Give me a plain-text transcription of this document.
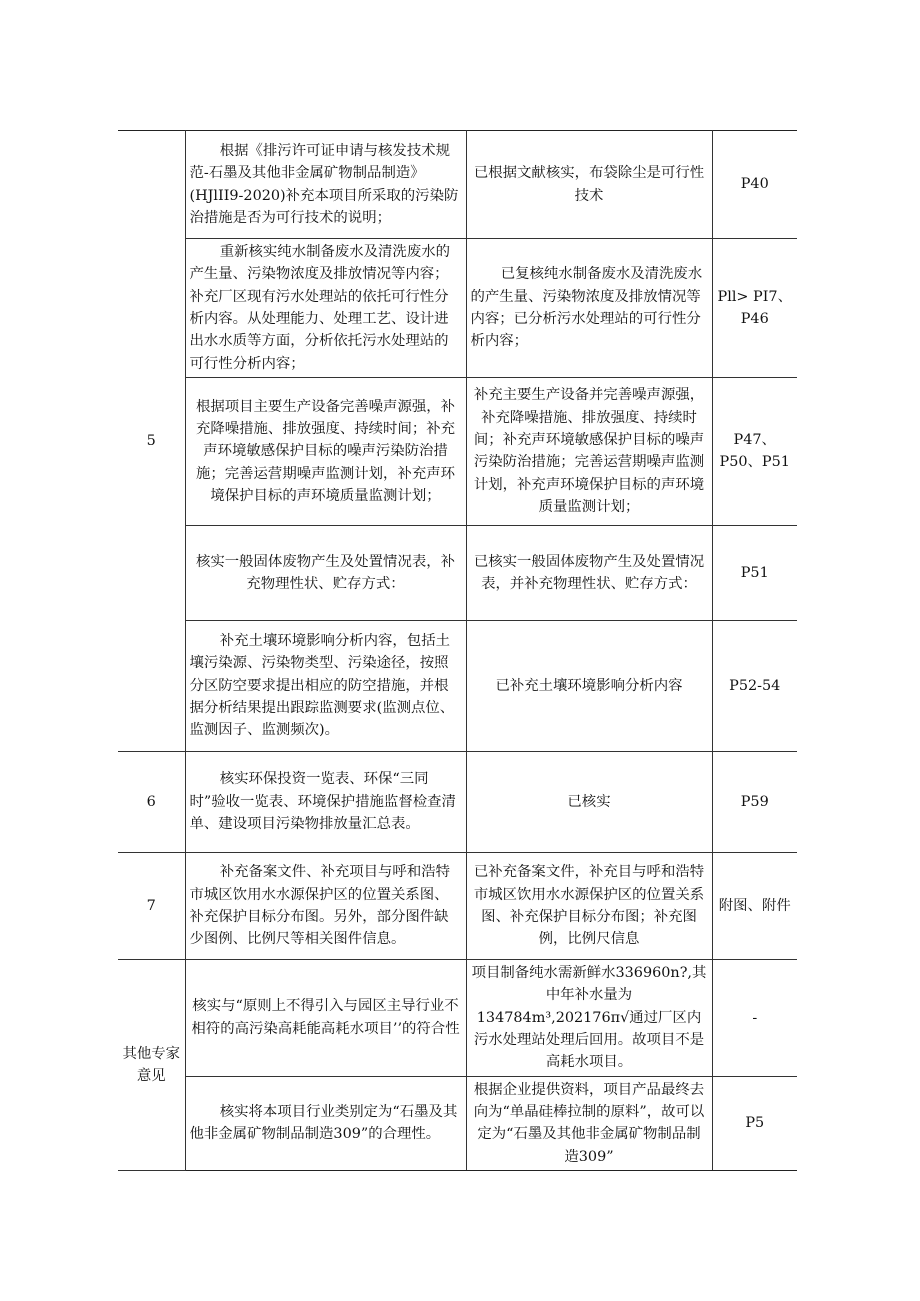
5	根据《排污许可证申请与核发技术规范-石墨及其他非金属矿物制品制造》(HJlII9-2020)补充本项目所采取的污染防治措施是否为可行技术的说明；	已根据文献核实，布袋除尘是可行性技术	P40
	重新核实纯水制备废水及清洗废水的产生量、污染物浓度及排放情况等内容；补充厂区现有污水处理站的依托可行性分析内容。从处理能力、处理工艺、设计进出水水质等方面，分析依托污水处理站的可行性分析内容；	已复核纯水制备废水及清洗废水的产生量、污染物浓度及排放情况等内容；已分析污水处理站的可行性分析内容；	Pll> PI7、P46
	根据项目主要生产设备完善噪声源强，补充降噪措施、排放强度、持续时间；补充声环境敏感保护目标的噪声污染防治措施；完善运营期噪声监测计划，补充声环境保护目标的声环境质量监测计划；	补充主要生产设备并完善噪声源强，补充降噪措施、排放强度、持续时间；补充声环境敏感保护目标的噪声污染防治措施；完善运营期噪声监测计划，补充声环境保护目标的声环境质量监测计划；	P47、P50、P51
	核实一般固体废物产生及处置情况表，补充物理性状、贮存方式：	已核实一般固体废物产生及处置情况表，并补充物理性状、贮存方式：	P51
	补充土壤环境影响分析内容，包括土壤污染源、污染物类型、污染途径，按照分区防空要求提出相应的防空措施，并根据分析结果提出跟踪监测要求(监测点位、监测因子、监测频次)。	已补充土壤环境影响分析内容	P52-54
6	核实环保投资一览表、环保“三同时”验收一览表、环境保护措施监督检查清单、建设项目污染物排放量汇总表。	已核实	P59
7	补充备案文件、补充项目与呼和浩特市城区饮用水水源保护区的位置关系图、补充保护目标分布图。另外，部分图件缺少图例、比例尺等相关图件信息。	已补充备案文件，补充目与呼和浩特市城区饮用水水源保护区的位置关系图、补充保护目标分布图；补充图例，比例尺信息	附图、附件
其他专家意见	核实与“原则上不得引入与园区主导行业不相符的高污染高耗能高耗水项目’’的符合性	项目制备纯水需新鲜水336960n?,其中年补水量为134784m³,202176π√通过厂区内污水处理站处理后回用。故项目不是高耗水项目。	-
	核实将本项目行业类别定为“石墨及其他非金属矿物制品制造309”的合理性。	根据企业提供资料，项目产品最终去向为“单晶硅棒拉制的原料”，故可以定为“石墨及其他非金属矿物制品制造309”	P5
